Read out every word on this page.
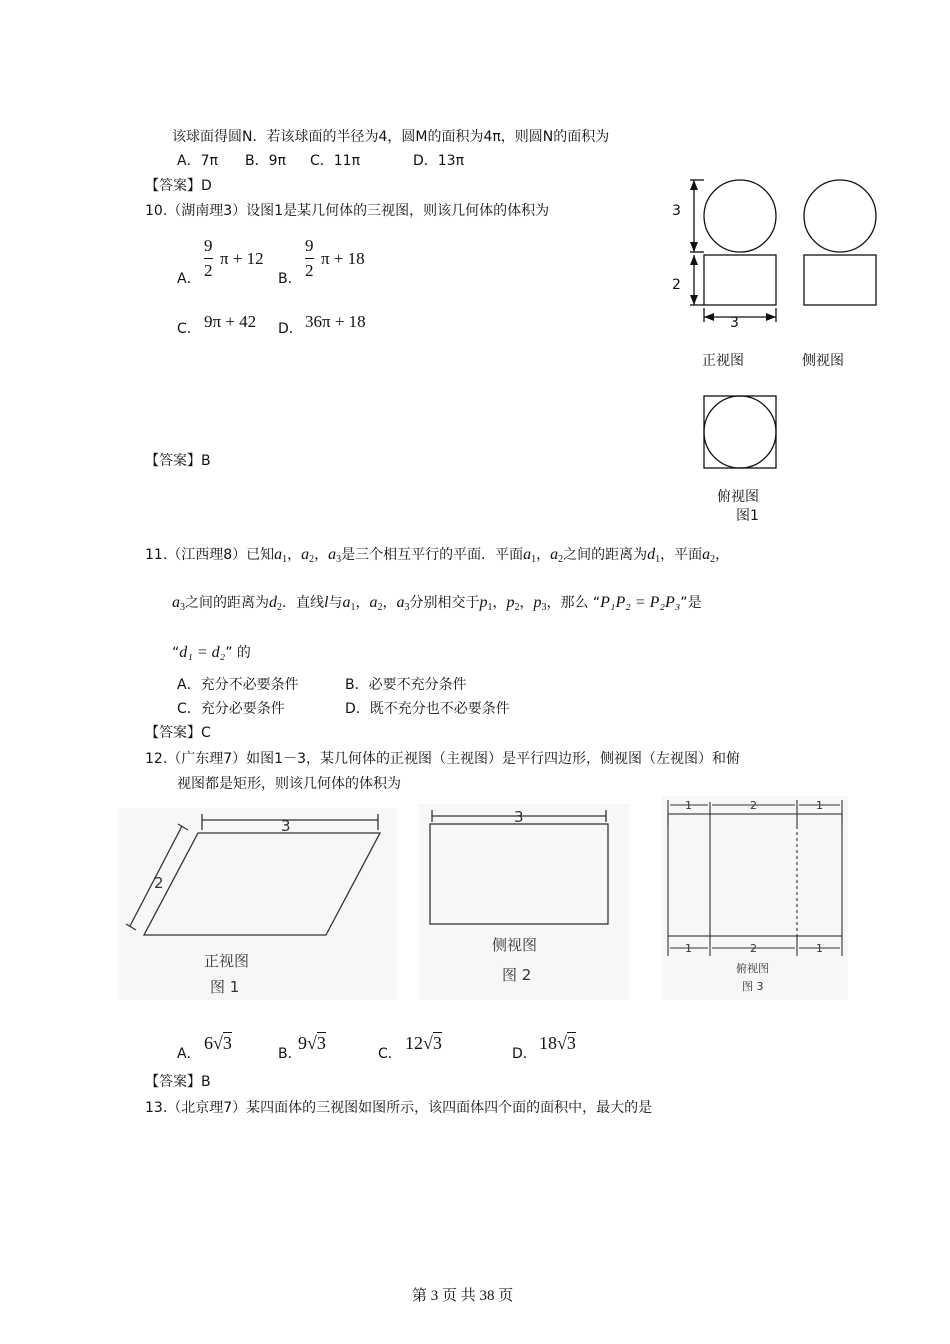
该球面得圆N．若该球面的半径为4，圆M的面积为4π，则圆N的面积为
A．7π B．9π C．11π	D．13π
【答案】D
10.（湖南理3）设图1是某几何体的三视图，则该几何体的体积为
A．
9
2
π + 12
B．
9
2
π + 18
C． 9π + 42 D． 36π + 18
【答案】B
3
2
3
正视图	侧视图
俯视图
图1
11.（江西理8）已知$a_1$，$a_2$，$a_3$是三个相互平行的平面．平面$a_1$，$a_2$之间的距离为$d_1$，平面$a_2$，
$a_3$之间的距离为$d_2$．直线l与$a_1$，$a_2$，$a_3$分别相交于$p_1$，$p_2$，$p_3$，那么 “P₁P₂ = P₂P₃”是
“d₁ = d₂” 的
A．充分不必要条件	B．必要不充分条件
C．充分必要条件	D．既不充分也不必要条件
【答案】C
12.（广东理7）如图1－3，某几何体的正视图（主视图）是平行四边形，侧视图（左视图）和俯
视图都是矩形，则该几何体的体积为
3
2
正视图
图 1
3
侧视图
图 2
1	2	1
1	2	1
俯视图
图 3
A．
6√3
B．
9√3
C．
12√3
D．
18√3
【答案】B
13.（北京理7）某四面体的三视图如图所示，该四面体四个面的面积中，最大的是
第 3 页 共 38 页
